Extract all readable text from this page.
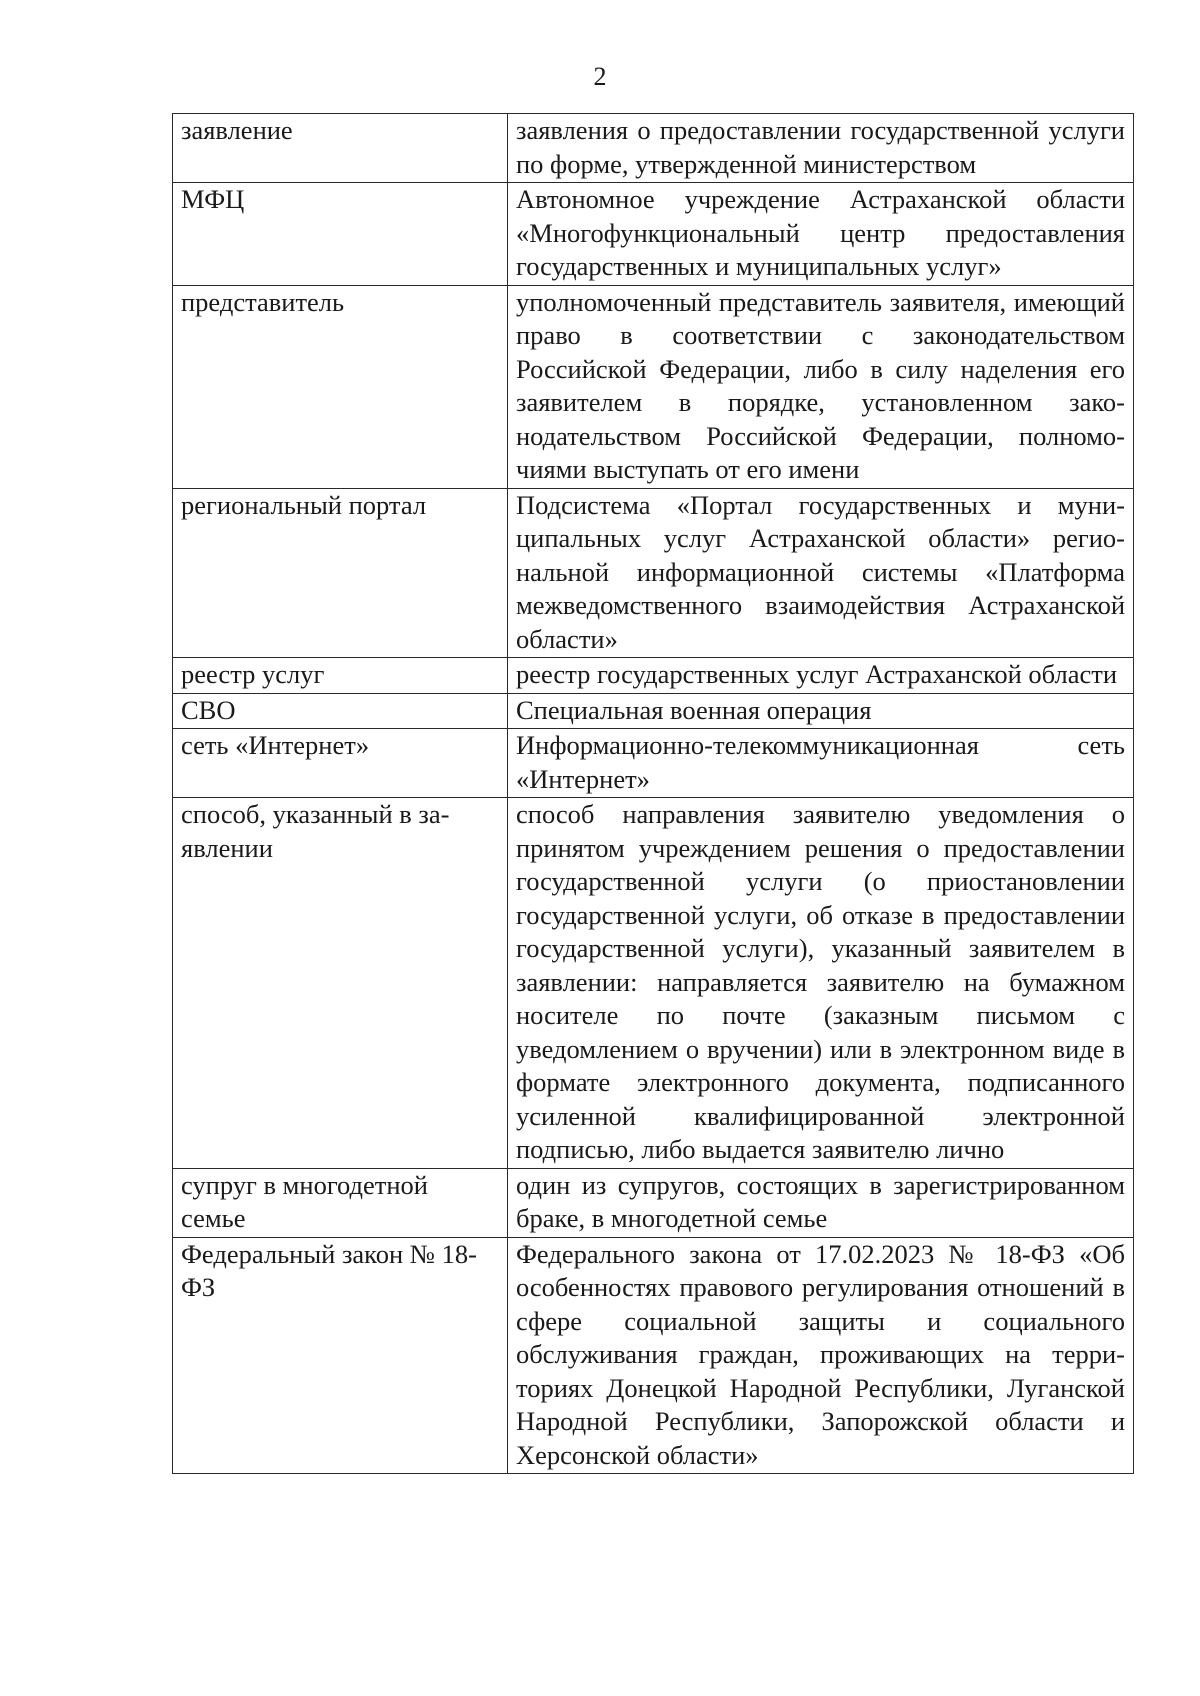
2
заявление	заявления о предоставлении государственной услуги по форме, утвержденной министерством
МФЦ	Автономное учреждение Астраханской области «Многофункциональный центр предоставления государственных и муниципальных услуг»
представитель	уполномоченный представитель заявителя, имеющий право в соответствии с законодательством Российской Федерации, либо в силу наделения его заявителем в порядке, установленном законодательством Российской Федерации, полномочиями выступать от его имени
региональный портал	Подсистема «Портал государственных и муниципальных услуг Астраханской области» региональной информационной системы «Платформа межведомственного взаимодействия Астраханской области»
реестр услуг	реестр государственных услуг Астраханской области
СВО	Специальная военная операция
сеть «Интернет»	Информационно-телекоммуникационная сеть «Интернет»
способ, указанный в заявлении	способ направления заявителю уведомления о принятом учреждением решения о предоставлении государственной услуги (о приостановлении государственной услуги, об отказе в предоставлении государственной услуги), указанный заявителем в заявлении: направляется заявителю на бумажном носителе по почте (заказным письмом с уведомлением о вручении) или в электронном виде в формате электронного документа, подписанного усиленной квалифицированной электронной подписью, либо выдается заявителю лично
супруг в многодетной семье	один из супругов, состоящих в зарегистрированном браке, в многодетной семье
Федеральный закон № 18-ФЗ	Федерального закона от 17.02.2023 № 18-ФЗ «Об особенностях правового регулирования отношений в сфере социальной защиты и социального обслуживания граждан, проживающих на территориях Донецкой Народной Республики, Луганской Народной Республики, Запорожской области и Херсонской области»
